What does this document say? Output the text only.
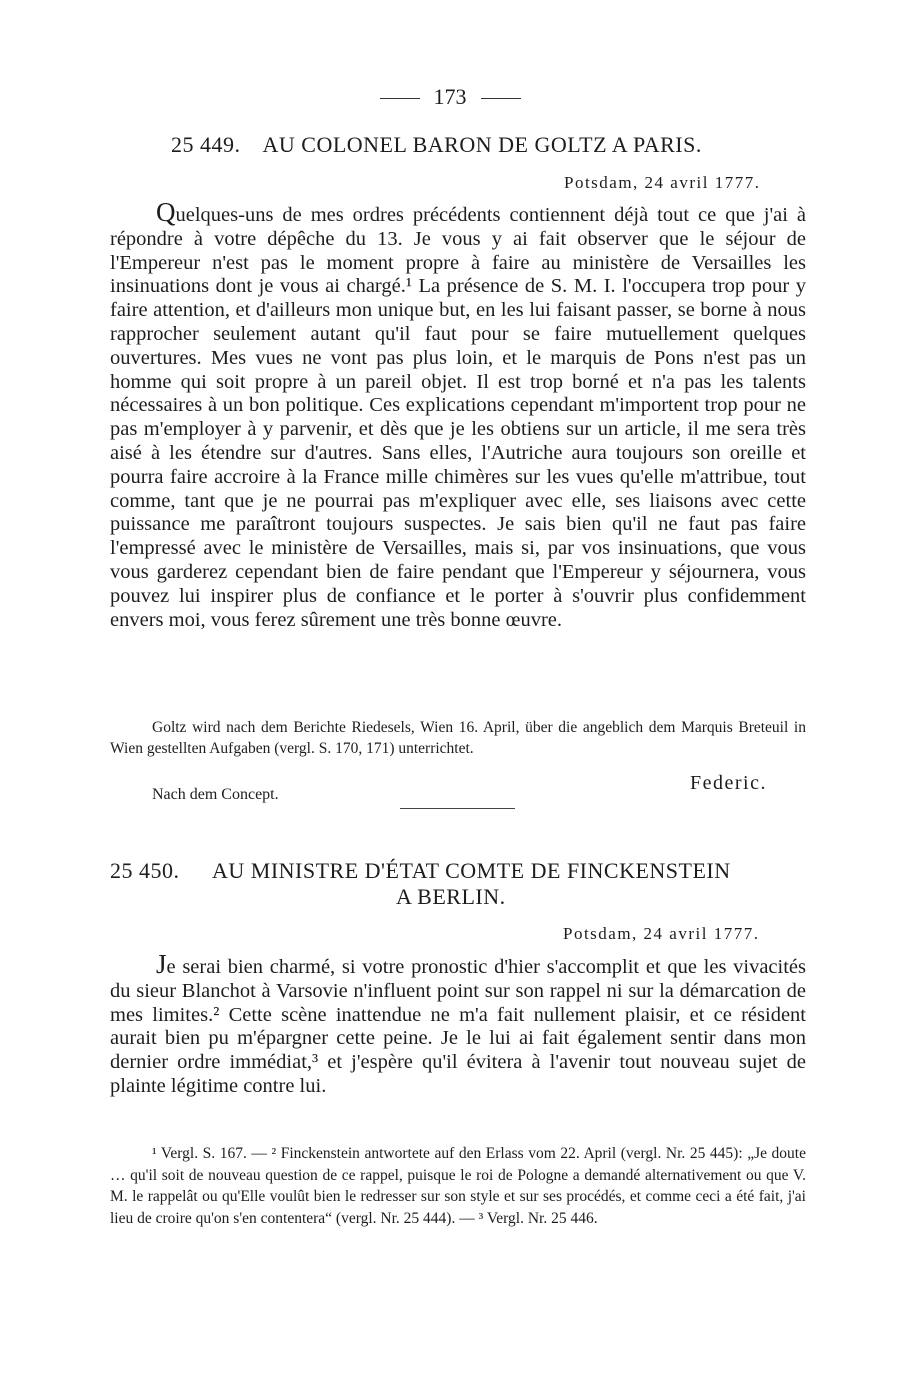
173
25 449. AU COLONEL BARON DE GOLTZ A PARIS.
Potsdam, 24 avril 1777.
Quelques-uns de mes ordres précédents contiennent déjà tout ce que j'ai à répondre à votre dépêche du 13. Je vous y ai fait observer que le séjour de l'Empereur n'est pas le moment propre à faire au ministère de Versailles les insinuations dont je vous ai chargé.¹ La présence de S. M. I. l'occupera trop pour y faire attention, et d'ailleurs mon unique but, en les lui faisant passer, se borne à nous rapprocher seulement autant qu'il faut pour se faire mutuellement quelques ouvertures. Mes vues ne vont pas plus loin, et le marquis de Pons n'est pas un homme qui soit propre à un pareil objet. Il est trop borné et n'a pas les talents nécessaires à un bon politique. Ces explications cependant m'importent trop pour ne pas m'employer à y parvenir, et dès que je les obtiens sur un article, il me sera très aisé à les étendre sur d'autres. Sans elles, l'Autriche aura toujours son oreille et pourra faire accroire à la France mille chimères sur les vues qu'elle m'attribue, tout comme, tant que je ne pourrai pas m'expliquer avec elle, ses liaisons avec cette puissance me paraîtront toujours suspectes. Je sais bien qu'il ne faut pas faire l'empressé avec le ministère de Versailles, mais si, par vos insinuations, que vous vous garderez cependant bien de faire pendant que l'Empereur y séjournera, vous pouvez lui inspirer plus de confiance et le porter à s'ouvrir plus confidemment envers moi, vous ferez sûrement une très bonne œuvre.
Goltz wird nach dem Berichte Riedesels, Wien 16. April, über die angeblich dem Marquis Breteuil in Wien gestellten Aufgaben (vergl. S. 170, 171) unterrichtet.
Federic.
Nach dem Concept.
25 450. AU MINISTRE D'ÉTAT COMTE DE FINCKENSTEIN
A BERLIN.
Potsdam, 24 avril 1777.
Je serai bien charmé, si votre pronostic d'hier s'accomplit et que les vivacités du sieur Blanchot à Varsovie n'influent point sur son rappel ni sur la démarcation de mes limites.² Cette scène inattendue ne m'a fait nullement plaisir, et ce résident aurait bien pu m'épargner cette peine. Je le lui ai fait également sentir dans mon dernier ordre immédiat,³ et j'espère qu'il évitera à l'avenir tout nouveau sujet de plainte légitime contre lui.
¹ Vergl. S. 167. — ² Finckenstein antwortete auf den Erlass vom 22. April (vergl. Nr. 25 445): „Je doute … qu'il soit de nouveau question de ce rappel, puisque le roi de Pologne a demandé alternativement ou que V. M. le rappelât ou qu'Elle voulût bien le redresser sur son style et sur ses procédés, et comme ceci a été fait, j'ai lieu de croire qu'on s'en contentera“ (vergl. Nr. 25 444). — ³ Vergl. Nr. 25 446.
